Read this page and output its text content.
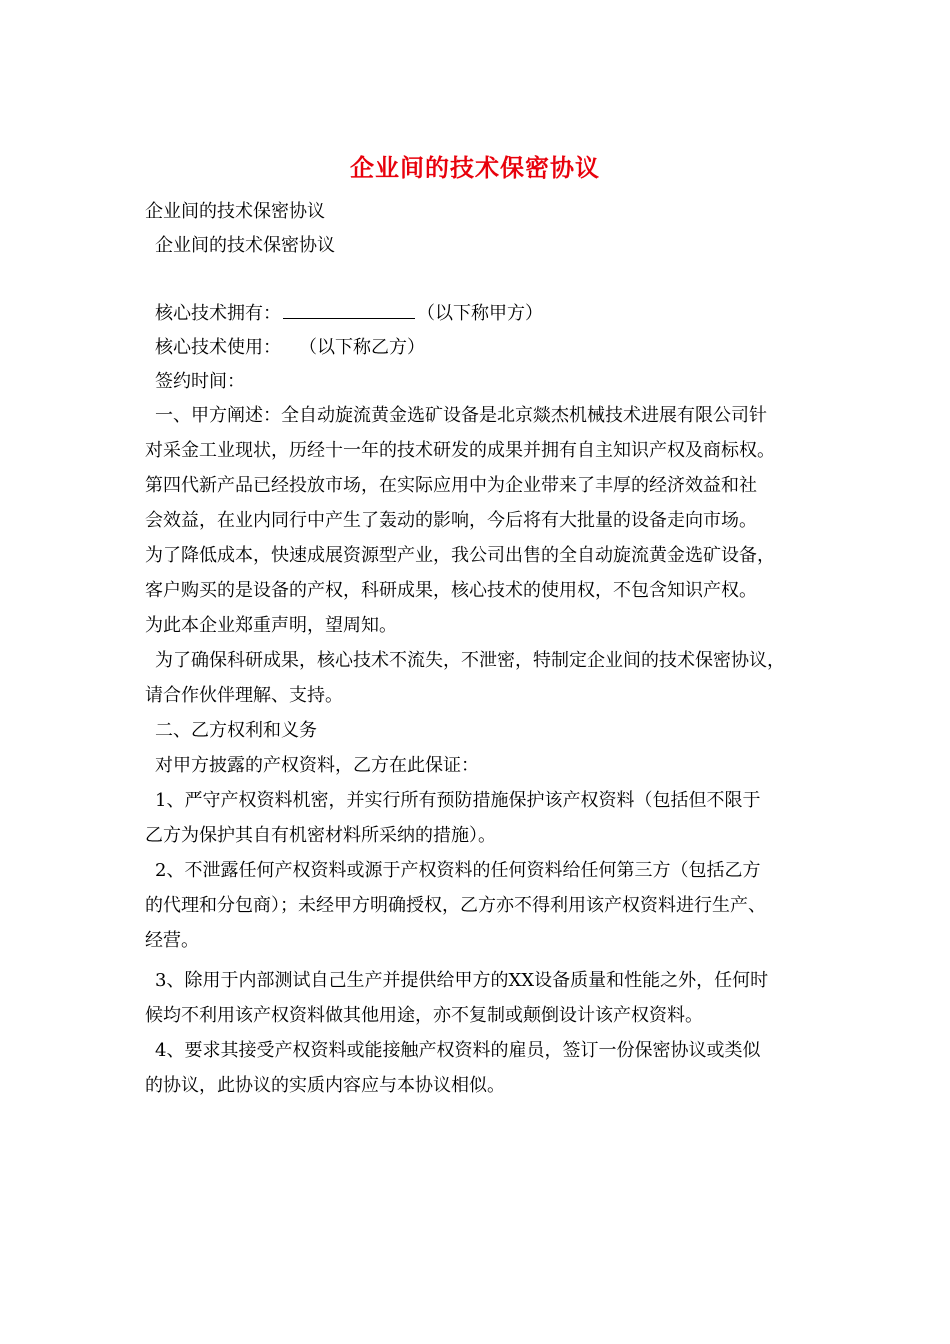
企业间的技术保密协议
企业间的技术保密协议
企业间的技术保密协议
核心技术拥有：	（以下称甲方）
核心技术使用： （以下称乙方）
签约时间：
一、甲方阐述：全自动旋流黄金选矿设备是北京燚杰机械技术进展有限公司针
对采金工业现状，历经十一年的技术研发的成果并拥有自主知识产权及商标权。
第四代新产品已经投放市场，在实际应用中为企业带来了丰厚的经济效益和社
会效益，在业内同行中产生了轰动的影响，今后将有大批量的设备走向市场。
为了降低成本，快速成展资源型产业，我公司出售的全自动旋流黄金选矿设备，
客户购买的是设备的产权，科研成果，核心技术的使用权，不包含知识产权。
为此本企业郑重声明，望周知。
为了确保科研成果，核心技术不流失，不泄密，特制定企业间的技术保密协议，
请合作伙伴理解、支持。
二、乙方权利和义务
对甲方披露的产权资料，乙方在此保证：
1、严守产权资料机密，并实行所有预防措施保护该产权资料（包括但不限于
乙方为保护其自有机密材料所采纳的措施）。
2、不泄露任何产权资料或源于产权资料的任何资料给任何第三方（包括乙方
的代理和分包商）；未经甲方明确授权，乙方亦不得利用该产权资料进行生产、
经营。
3、除用于内部测试自己生产并提供给甲方的XX设备质量和性能之外，任何时
候均不利用该产权资料做其他用途，亦不复制或颠倒设计该产权资料。
4、要求其接受产权资料或能接触产权资料的雇员，签订一份保密协议或类似
的协议，此协议的实质内容应与本协议相似。
